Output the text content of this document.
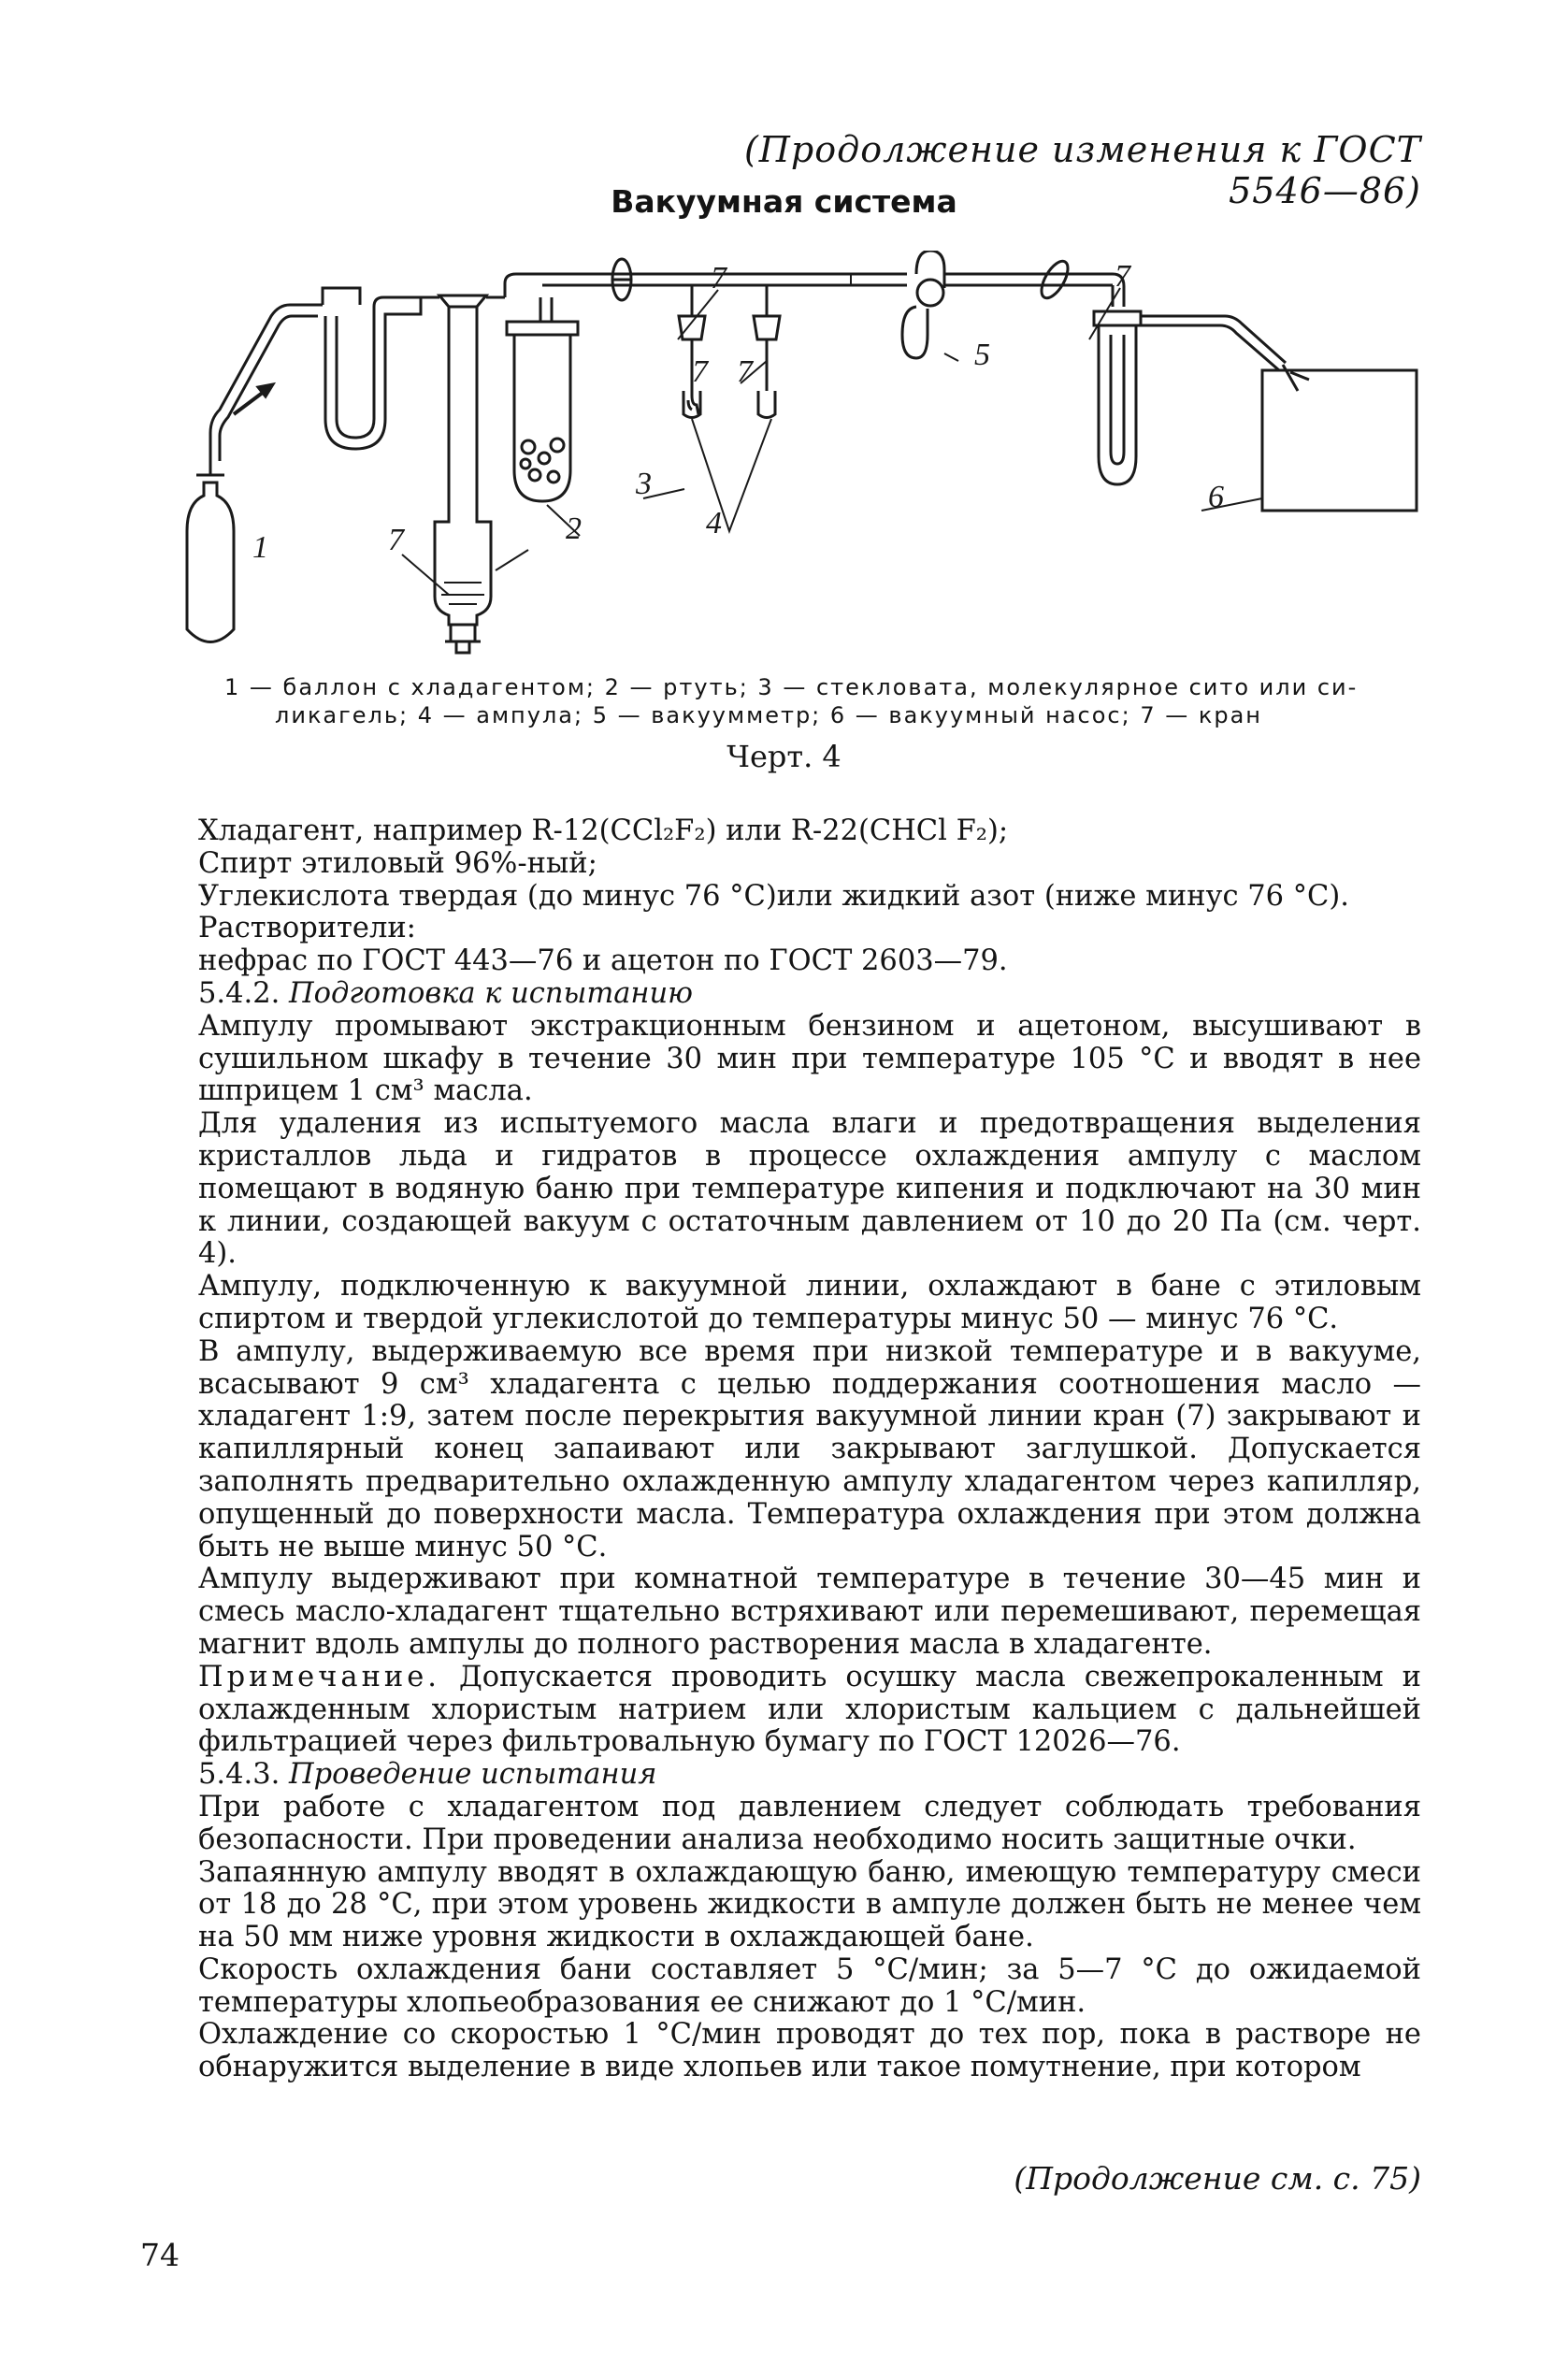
(Продолжение изменения к ГОСТ 5546—86)
Вакуумная система
1
2
3
4
5
6
7	7
7 7
7
1 — баллон с хладагентом; 2 — ртуть; 3 — стекловата, молекулярное сито или си-
ликагель; 4 — ампула; 5 — вакуумметр; 6 — вакуумный насос; 7 — кран
Черт. 4

Хладагент, например R-12(CCl₂F₂) или R-22(CHCl F₂);

Спирт этиловый 96%-ный;

Углекислота твердая (до минус 76 °С)или жидкий азот (ниже минус 76 °С).

Растворители:

нефрас по ГОСТ 443—76 и ацетон по ГОСТ 2603—79.

5.4.2. Подготовка к испытанию

Ампулу промывают экстракционным бензином и ацетоном, высушивают в сушильном шкафу в течение 30 мин при температуре 105 °С и вводят в нее шприцем 1 см³ масла.

Для удаления из испытуемого масла влаги и предотвращения выделения кристаллов льда и гидратов в процессе охлаждения ампулу с маслом помещают в водяную баню при температуре кипения и подключают на 30 мин к линии, создающей вакуум с остаточным давлением от 10 до 20 Па (см. черт. 4).

Ампулу, подключенную к вакуумной линии, охлаждают в бане с этиловым спиртом и твердой углекислотой до температуры минус 50 — минус 76 °С.

В ампулу, выдерживаемую все время при низкой температуре и в вакууме, всасывают 9 см³ хладагента с целью поддержания соотношения масло — хладагент 1:9, затем после перекрытия вакуумной линии кран (7) закрывают и капиллярный конец запаивают или закрывают заглушкой. Допускается заполнять предварительно охлажденную ампулу хладагентом через капилляр, опущенный до поверхности масла. Температура охлаждения при этом должна быть не выше минус 50 °С.

Ампулу выдерживают при комнатной температуре в течение 30—45 мин и смесь масло-хладагент тщательно встряхивают или перемешивают, перемещая магнит вдоль ампулы до полного растворения масла в хладагенте.

Примечание. Допускается проводить осушку масла свежепрокаленным и охлажденным хлористым натрием или хлористым кальцием с дальнейшей фильтрацией через фильтровальную бумагу по ГОСТ 12026—76.

5.4.3. Проведение испытания

При работе с хладагентом под давлением следует соблюдать требования безопасности. При проведении анализа необходимо носить защитные очки.

Запаянную ампулу вводят в охлаждающую баню, имеющую температуру смеси от 18 до 28 °С, при этом уровень жидкости в ампуле должен быть не менее чем на 50 мм ниже уровня жидкости в охлаждающей бане.

Скорость охлаждения бани составляет 5 °С/мин; за 5—7 °С до ожидаемой температуры хлопьеобразования ее снижают до 1 °С/мин.

Охлаждение со скоростью 1 °С/мин проводят до тех пор, пока в растворе не обнаружится выделение в виде хлопьев или такое помутнение, при котором

(Продолжение см. с. 75)
74
